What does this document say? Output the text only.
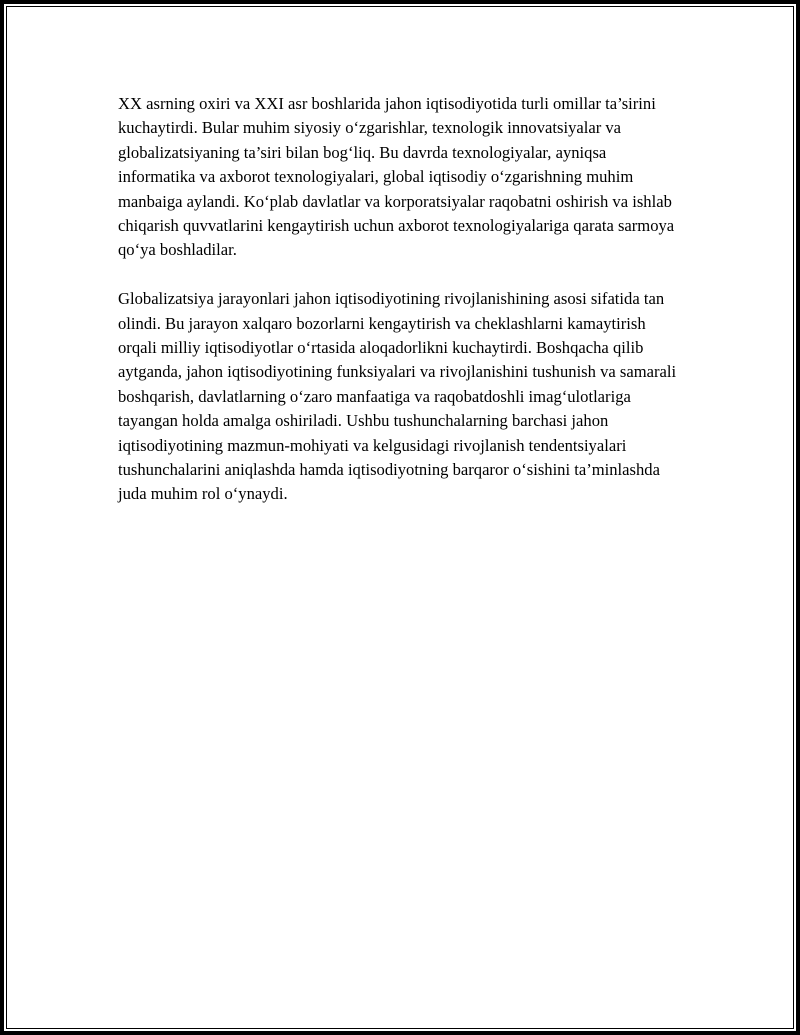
XX asrning oxiri va XXI asr boshlarida jahon iqtisodiyotida turli omillar ta’sirini kuchaytirdi. Bular muhim siyosiy o‘zgarishlar, texnologik innovatsiyalar va globalizatsiyaning ta’siri bilan bog‘liq. Bu davrda texnologiyalar, ayniqsa informatika va axborot texnologiyalari, global iqtisodiy o‘zgarishning muhim manbaiga aylandi. Ko‘plab davlatlar va korporatsiyalar raqobatni oshirish va ishlab chiqarish quvvatlarini kengaytirish uchun axborot texnologiyalariga qarata sarmoya qo‘ya boshladilar.

Globalizatsiya jarayonlari jahon iqtisodiyotining rivojlanishining asosi sifatida tan olindi. Bu jarayon xalqaro bozorlarni kengaytirish va cheklashlarni kamaytirish orqali milliy iqtisodiyotlar o‘rtasida aloqadorlikni kuchaytirdi. Boshqacha qilib aytganda, jahon iqtisodiyotining funksiyalari va rivojlanishini tushunish va samarali boshqarish, davlatlarning o‘zaro manfaatiga va raqobatdoshli imag‘ulotlariga tayangan holda amalga oshiriladi. Ushbu tushunchalarning barchasi jahon iqtisodiyotining mazmun-mohiyati va kelgusidagi rivojlanish tendentsiyalari tushunchalarini aniqlashda hamda iqtisodiyotning barqaror o‘sishini ta’minlashda juda muhim rol o‘ynaydi.
